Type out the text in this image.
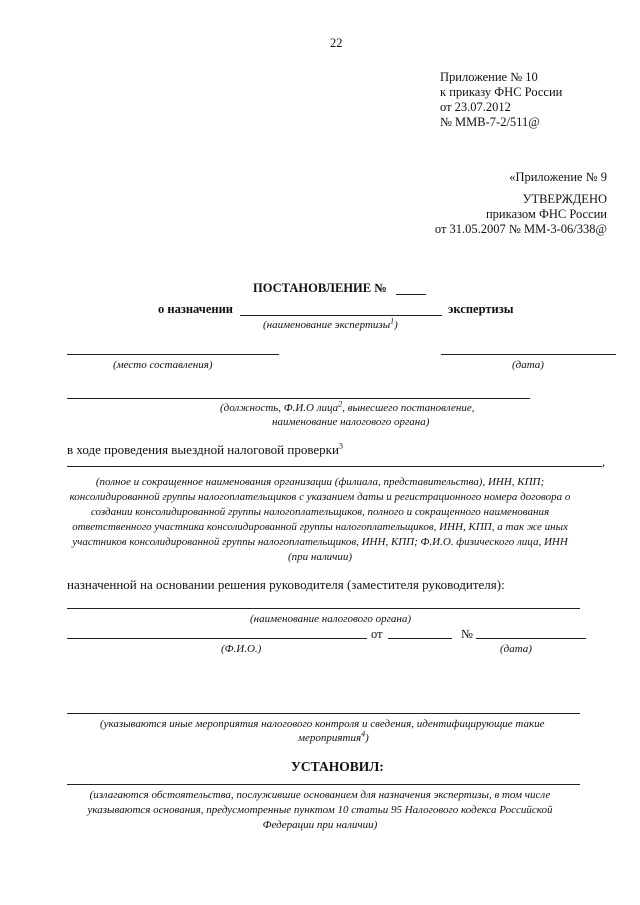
22
Приложение № 10
к приказу ФНС России
от 23.07.2012
№ ММВ-7-2/511@
«Приложение № 9
УТВЕРЖДЕНО
приказом ФНС России
от 31.05.2007 № ММ-3-06/338@
ПОСТАНОВЛЕНИЕ №
о назначении	экспертизы
(наименование экспертизы$^1$)
(место составления)	(дата)
(должность, Ф.И.О лица$^2$, вынесшего постановление,
наименование налогового органа)
в ходе проведения выездной налоговой проверки$^3$
,
(полное и сокращенное наименования организации (филиала, представительства), ИНН, КПП;
консолидированной группы налогоплательщиков с указанием даты и регистрационного номера договора о
создании консолидированной группы налогоплательщиков, полного и сокращенного наименования
ответственного участника консолидированной группы налогоплательщиков, ИНН, КПП, а так же иных
участников консолидированной группы налогоплательщиков, ИНН, КПП; Ф.И.О. физического лица, ИНН
(при наличии)
назначенной на основании решения руководителя (заместителя руководителя):
(наименование налогового органа)
от	№
(Ф.И.О.)	(дата)
(указываются иные мероприятия налогового контроля и сведения, идентифицирующие такие
мероприятия$^4$)
УСТАНОВИЛ:
(излагаются обстоятельства, послужившие основанием для назначения экспертизы, в том числе
указываются основания, предусмотренные пунктом 10 статьи 95 Налогового кодекса Российской
Федерации при наличии)
